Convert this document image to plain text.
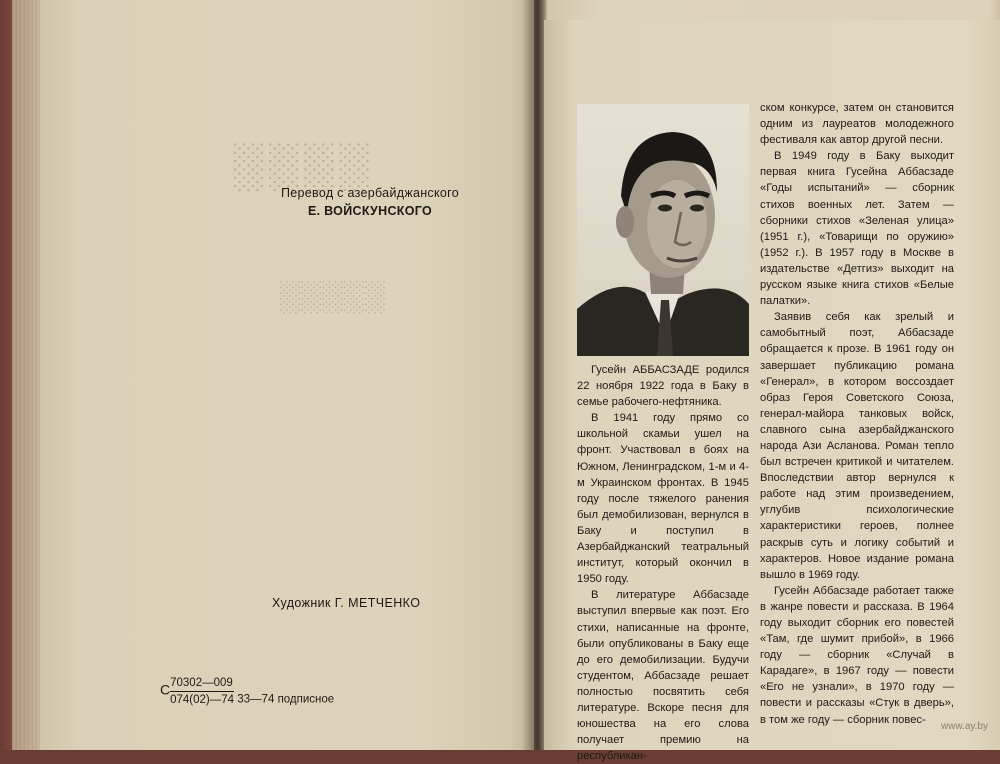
░░░░
░░░░░
Перевод с азербайджанского
Е. ВОЙСКУНСКОГО
Художник Г. МЕТЧЕНКО
С $\frac{70302—009}{074(02)—74}$ 33—74 подписное

Гусейн АББАСЗАДЕ родился 22 ноября 1922 года в Баку в семье рабочего-нефтяника.

В 1941 году прямо со школьной скамьи ушел на фронт. Участвовал в боях на Южном, Ленинградском, 1-м и 4-м Украинском фронтах. В 1945 году после тяжелого ранения был демобилизован, вернулся в Баку и поступил в Азербайджанский театральный институт, который окончил в 1950 году.

В литературе Аббасзаде выступил впервые как поэт. Его стихи, написанные на фронте, были опубликованы в Баку еще до его демобилизации. Будучи студентом, Аббасзаде решает полностью посвятить себя литературе. Вскоре песня для юношества на его слова получает премию на республикан-

ском конкурсе, затем он становится одним из лауреатов молодежного фестиваля как автор другой песни.

В 1949 году в Баку выходит первая книга Гусейна Аббасзаде «Годы испытаний» — сборник стихов военных лет. Затем — сборники стихов «Зеленая улица» (1951 г.), «Товарищи по оружию» (1952 г.). В 1957 году в Москве в издательстве «Детгиз» выходит на русском языке книга стихов «Белые палатки».

Заявив себя как зрелый и самобытный поэт, Аббасзаде обращается к прозе. В 1961 году он завершает публикацию романа «Генерал», в котором воссоздает образ Героя Советского Союза, генерал-майора танковых войск, славного сына азербайджанского народа Ази Асланова. Роман тепло был встречен критикой и читателем. Впоследствии автор вернулся к работе над этим произведением, углубив психологические характеристики героев, полнее раскрыв суть и логику событий и характеров. Новое издание романа вышло в 1969 году.

Гусейн Аббасзаде работает также в жанре повести и рассказа. В 1964 году выходит сборник его повестей «Там, где шумит прибой», в 1966 году — сборник «Случай в Карадаге», в 1967 году — повести «Его не узнали», в 1970 году — повести и рассказы «Стук в дверь», в том же году — сборник повес-

www.ay.by
